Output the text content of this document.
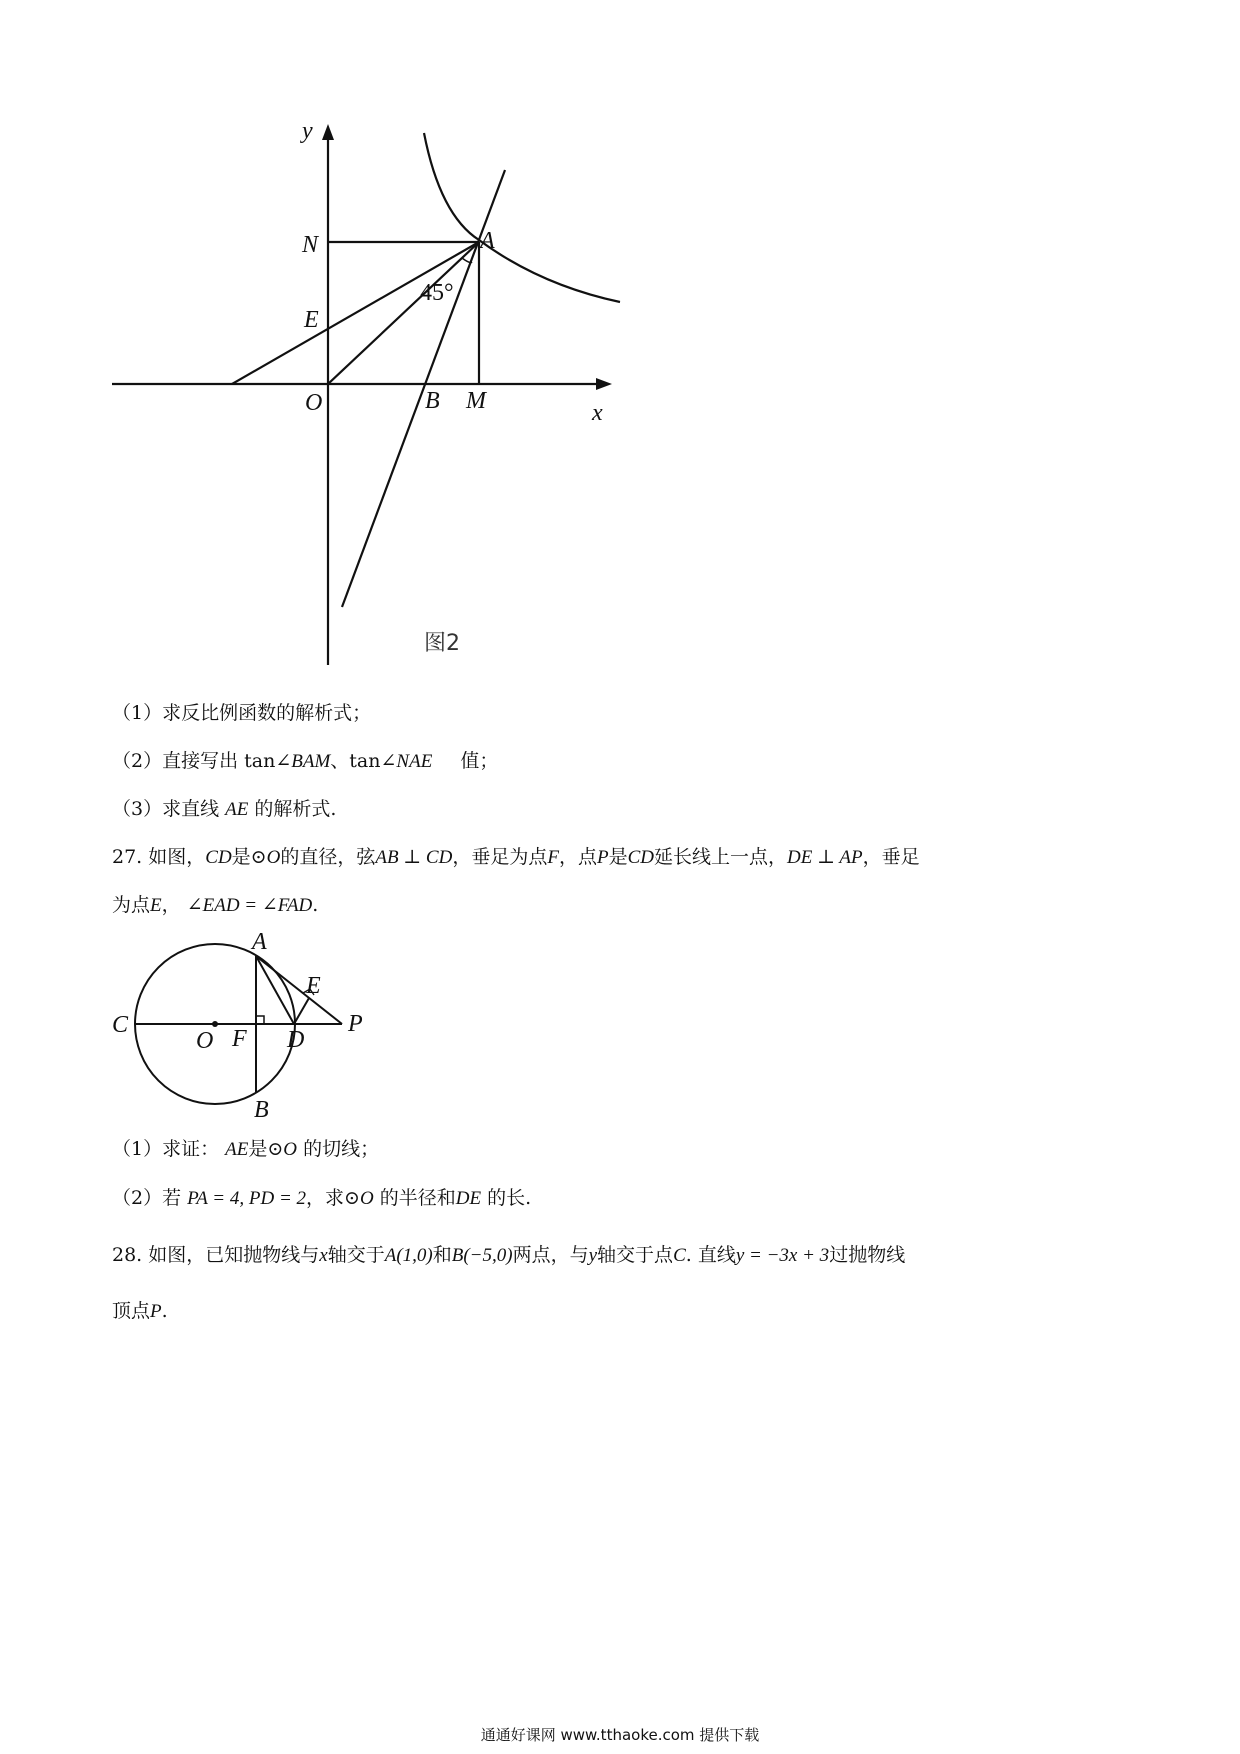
y
N	A
45°
E
O	B M	x
图2
（1）求反比例函数的解析式；
（2）直接写出 tan∠BAM、tan∠NAE 值；
（3）求直线 AE 的解析式.
27. 如图，CD是⊙O的直径，弦AB ⊥ CD，垂足为点F，点P是CD延长线上一点，DE ⊥ AP，垂足
为点E， ∠EAD = ∠FAD.
A
E
C
O F D
P
B
（1）求证： AE是⊙O 的切线；
（2）若 PA = 4, PD = 2，求⊙O 的半径和DE 的长.
28. 如图，已知抛物线与x轴交于A(1,0)和B(−5,0)两点，与y轴交于点C. 直线y = −3x + 3过抛物线
顶点P.
通通好课网 www.tthaoke.com 提供下载
